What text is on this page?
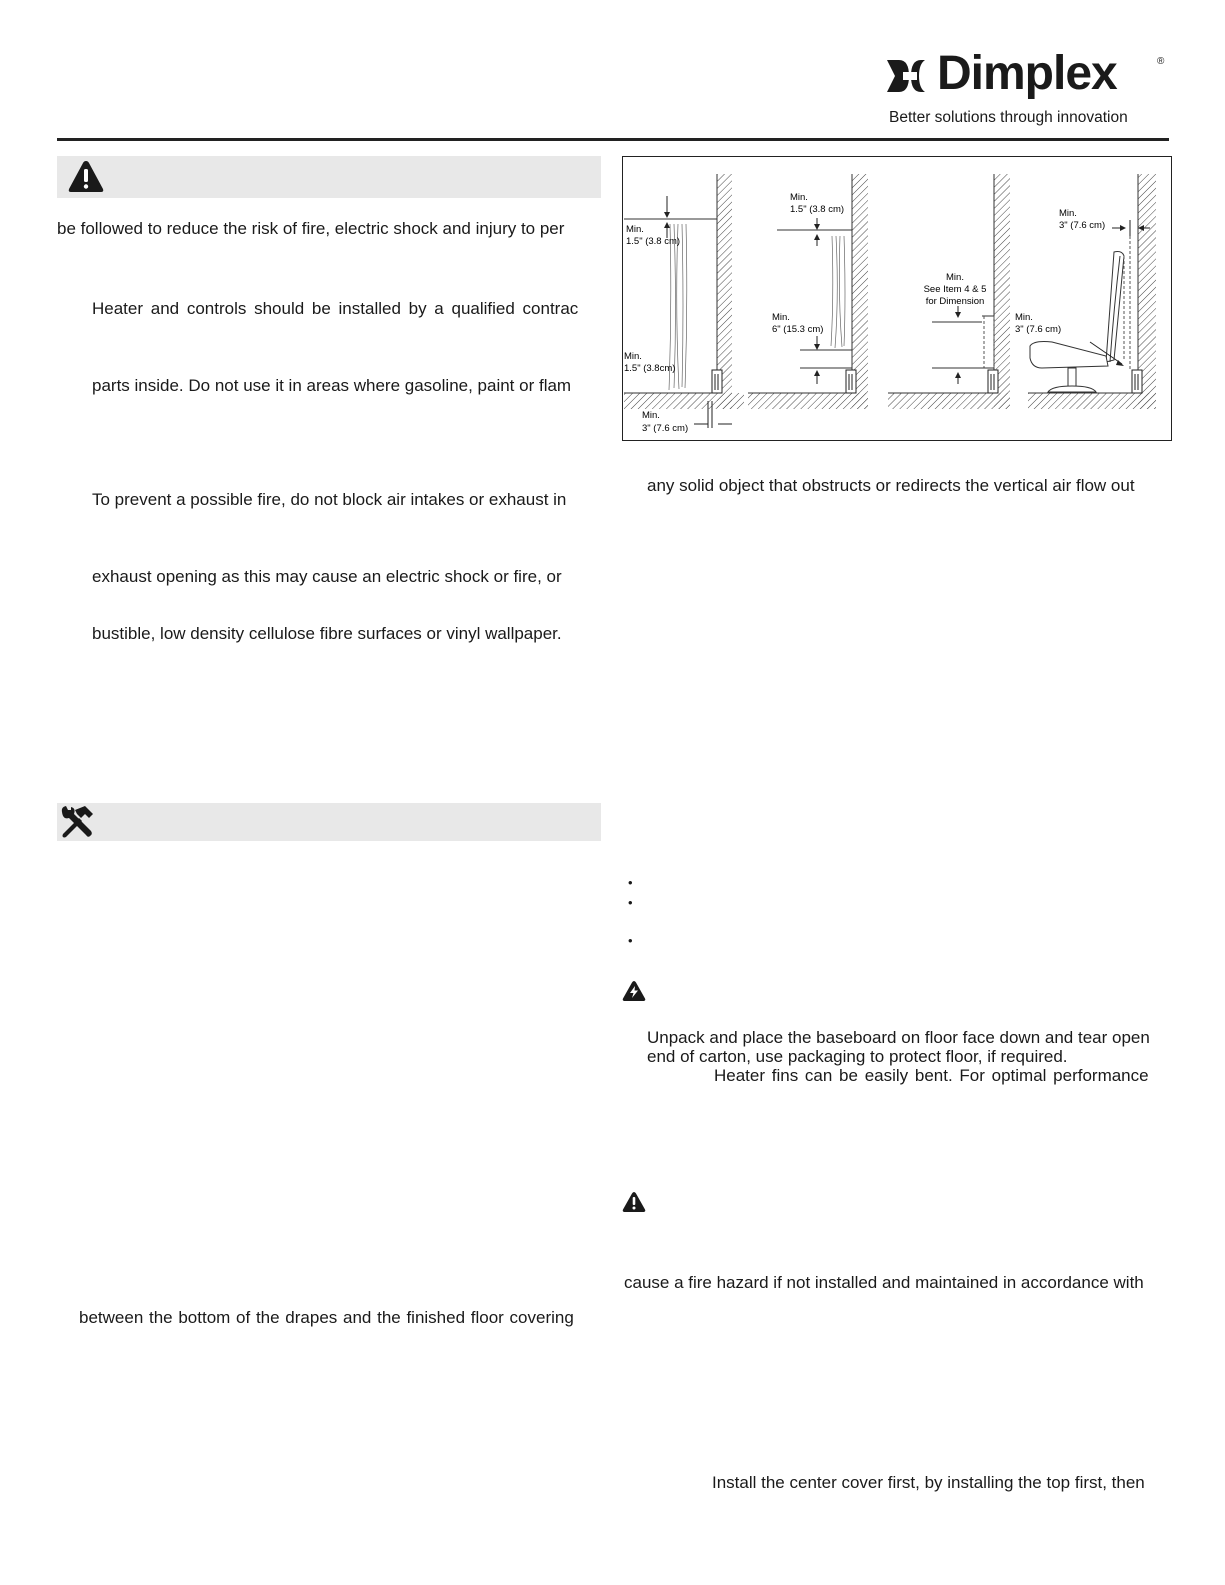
Dimplex	®
Better solutions through innovation
be followed to reduce the risk of fire, electric shock and injury to per
Heater and controls should be installed by a qualified contrac
parts inside. Do not use it in areas where gasoline, paint or flam
To prevent a possible fire, do not block air intakes or exhaust in
exhaust opening as this may cause an electric shock or fire, or
bustible, low density cellulose fibre surfaces or vinyl wallpaper.
between the bottom of the drapes and the finished floor covering
Min.
1.5" (3.8 cm)
Min.
1.5" (3.8cm)
Min.
3" (7.6 cm)
Min.
1.5" (3.8 cm)
Min.
6" (15.3 cm)
Min.
See Item 4 & 5
for Dimension
Min.
3" (7.6 cm)
Min.
3" (7.6 cm)
any solid object that obstructs or redirects the vertical air flow out
•
•
•
Unpack and place the baseboard on floor face down and tear open
end of carton, use packaging to protect floor, if required.
Heater fins can be easily bent. For optimal performance
cause a fire hazard if not installed and maintained in accordance with
Install the center cover first, by installing the top first, then
